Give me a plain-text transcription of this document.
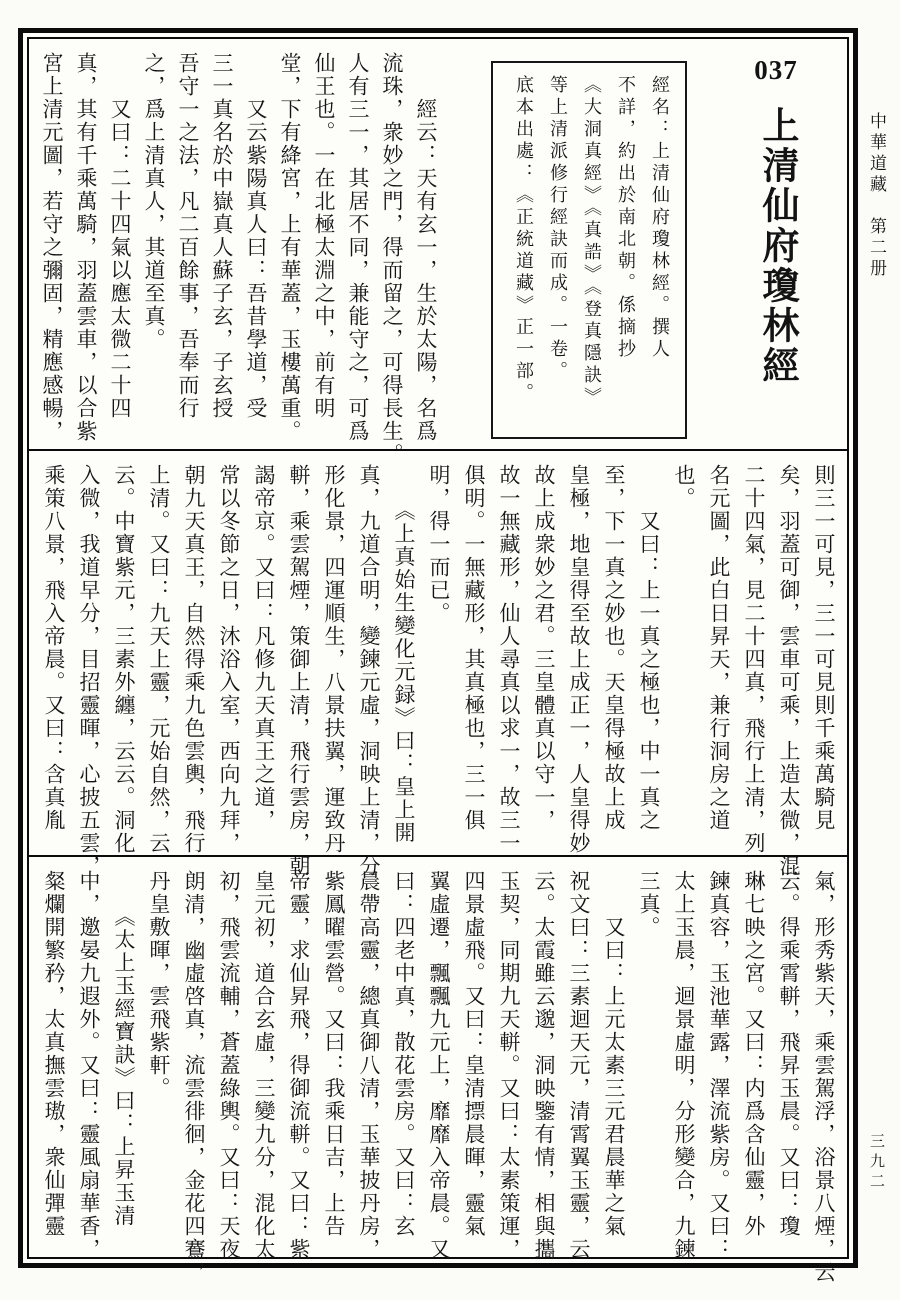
中華道藏　第二册
三九二
037
上清仙府瓊林經
經名：上清仙府瓊林經。撰人
不詳，約出於南北朝。係摘抄
《大洞真經》《真誥》《登真隱訣》
等上清派修行經訣而成。一卷。
底本出處：《正統道藏》正一部。
　　經云：天有玄一，生於太陽，名爲
流珠，衆妙之門，得而留之，可得長生。
人有三一，其居不同，兼能守之，可爲
仙王也。一在北極太淵之中，前有明
堂，下有絳宮，上有華蓋，玉樓萬重。
　　又云紫陽真人曰：吾昔學道，受
三一真名於中嶽真人蘇子玄，子玄授
吾守一之法，凡二百餘事，吾奉而行
之，爲上清真人，其道至真。
　　又曰：二十四氣以應太微二十四
真，其有千乘萬騎，羽蓋雲車，以合紫
宮上清元圖，若守之彌固，精應感暢，
則三一可見，三一可見則千乘萬騎見
矣，羽蓋可御，雲車可乘，上造太微，混
二十四氣，見二十四真，飛行上清，列
名元圖，此白日昇天，兼行洞房之道
也。
　　又曰：上一真之極也，中一真之
至，下一真之妙也。天皇得極故上成
皇極，地皇得至故上成正一，人皇得妙
故上成衆妙之君。三皇體真以守一，
故一無藏形，仙人尋真以求一，故三一
俱明。一無藏形，其真極也，三一俱
明，得一而已。
　　《上真始生變化元録》曰：皇上開
真，九道合明，變鍊元虛，洞映上清，分
形化景，四運順生，八景扶翼，運致丹
軿，乘雲駕煙，策御上清，飛行雲房，朝
謁帝京。又曰：凡修九天真王之道，
常以冬節之日，沐浴入室，西向九拜，
朝九天真王，自然得乘九色雲輿，飛行
上清。又曰：九天上靈，元始自然，云
云。中寶紫元，三素外纏，云云。洞化
入微，我道早分，目招靈暉，心披五雲，
乘策八景，飛入帝晨。又曰：含真胤
氣，形秀紫天，乘雲駕浮，浴景八煙，云
云。得乘霄軿，飛昇玉晨。又曰：瓊
琳七映之宮。又曰：内爲含仙靈，外
鍊真容，玉池華露，澤流紫房。又曰：
太上玉晨，迴景虛明，分形變合，九鍊
三真。
　　又曰：上元太素三元君晨華之氣
祝文曰：三素迴天元，清霄翼玉靈，云
云。太霞雖云邈，洞映鑒有情，相與攜
玉契，同期九天軿。又曰：太素策運，
四景虛飛。又曰：皇清摽晨暉，靈氣
翼虛遷，飄飄九元上，靡靡入帝晨。又
曰：四老中真，散花雲房。又曰：玄
晨帶高靈，總真御八清，玉華披丹房，
紫鳳曜雲營。又曰：我乘日吉，上告
帝靈，求仙昇飛，得御流軿。又曰：紫
皇元初，道合玄虛，三變九分，混化太
初，飛雲流輔，蒼蓋綠輿。又曰：天夜
朗清，幽虛啓真，流雲徘徊，金花四鶱，
丹皇敷暉，雲飛紫軒。
　　《太上玉經寶訣》曰：上昇玉清
中，邀晏九遐外。又曰：靈風扇華香，
粲爛開繁矜，太真撫雲璈，衆仙彈靈
